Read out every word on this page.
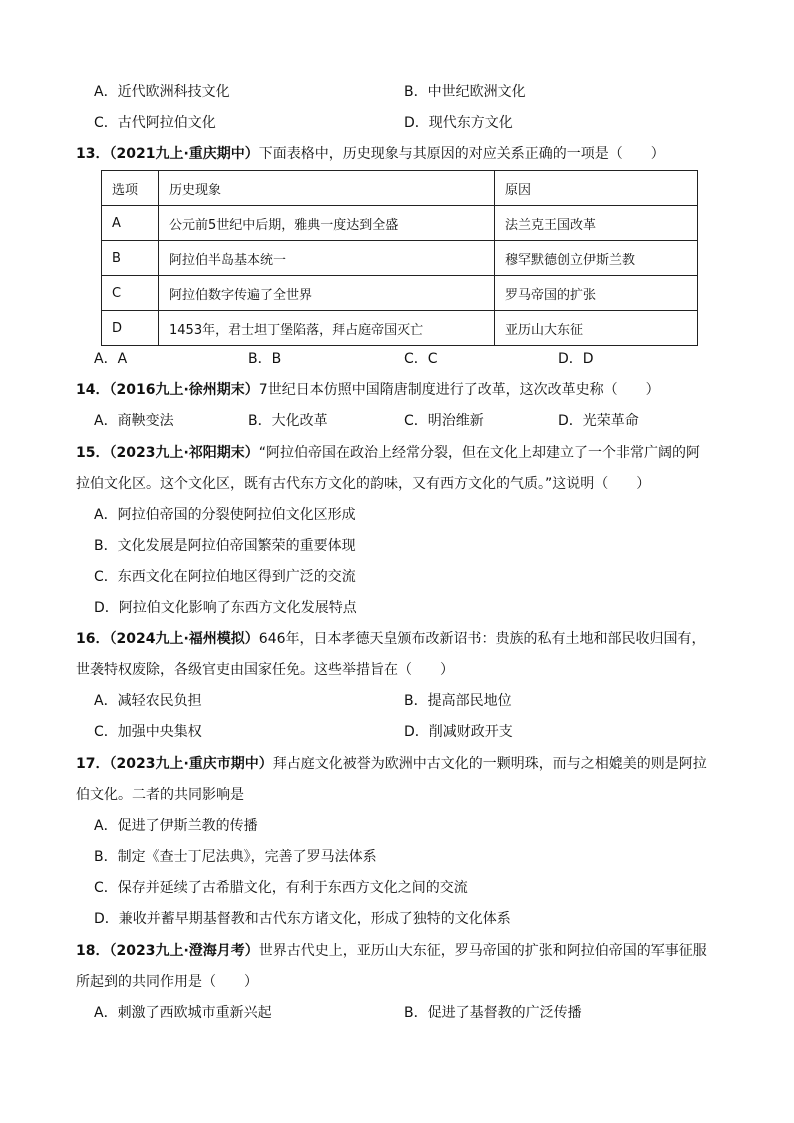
A．近代欧洲科技文化	B．中世纪欧洲文化
C．古代阿拉伯文化	D．现代东方文化
13．（2021九上·重庆期中）下面表格中，历史现象与其原因的对应关系正确的一项是（　　）
选项	历史现象	原因
A	公元前5世纪中后期，雅典一度达到全盛	法兰克王国改革
B	阿拉伯半岛基本统一	穆罕默德创立伊斯兰教
C	阿拉伯数字传遍了全世界	罗马帝国的扩张
D	1453年，君士坦丁堡陷落，拜占庭帝国灭亡	亚历山大东征
A．A	B．B	C．C	D．D
14．（2016九上·徐州期末）7世纪日本仿照中国隋唐制度进行了改革，这次改革史称（　　）
A．商鞅变法	B．大化改革	C．明治维新	D．光荣革命
15．（2023九上·祁阳期末）“阿拉伯帝国在政治上经常分裂，但在文化上却建立了一个非常广阔的阿
拉伯文化区。这个文化区，既有古代东方文化的韵味，又有西方文化的气质。”这说明（　　）
A．阿拉伯帝国的分裂使阿拉伯文化区形成
B．文化发展是阿拉伯帝国繁荣的重要体现
C．东西文化在阿拉伯地区得到广泛的交流
D．阿拉伯文化影响了东西方文化发展特点
16．（2024九上·福州模拟）646年，日本孝德天皇颁布改新诏书：贵族的私有土地和部民收归国有，
世袭特权废除，各级官吏由国家任免。这些举措旨在（　　）
A．减轻农民负担	B．提高部民地位
C．加强中央集权	D．削减财政开支
17．（2023九上·重庆市期中）拜占庭文化被誉为欧洲中古文化的一颗明珠，而与之相媲美的则是阿拉
伯文化。二者的共同影响是
A．促进了伊斯兰教的传播
B．制定《查士丁尼法典》，完善了罗马法体系
C．保存并延续了古希腊文化，有利于东西方文化之间的交流
D．兼收并蓄早期基督教和古代东方诸文化，形成了独特的文化体系
18．（2023九上·澄海月考）世界古代史上，亚历山大东征，罗马帝国的扩张和阿拉伯帝国的军事征服
所起到的共同作用是（　　）
A．刺激了西欧城市重新兴起	B．促进了基督教的广泛传播
